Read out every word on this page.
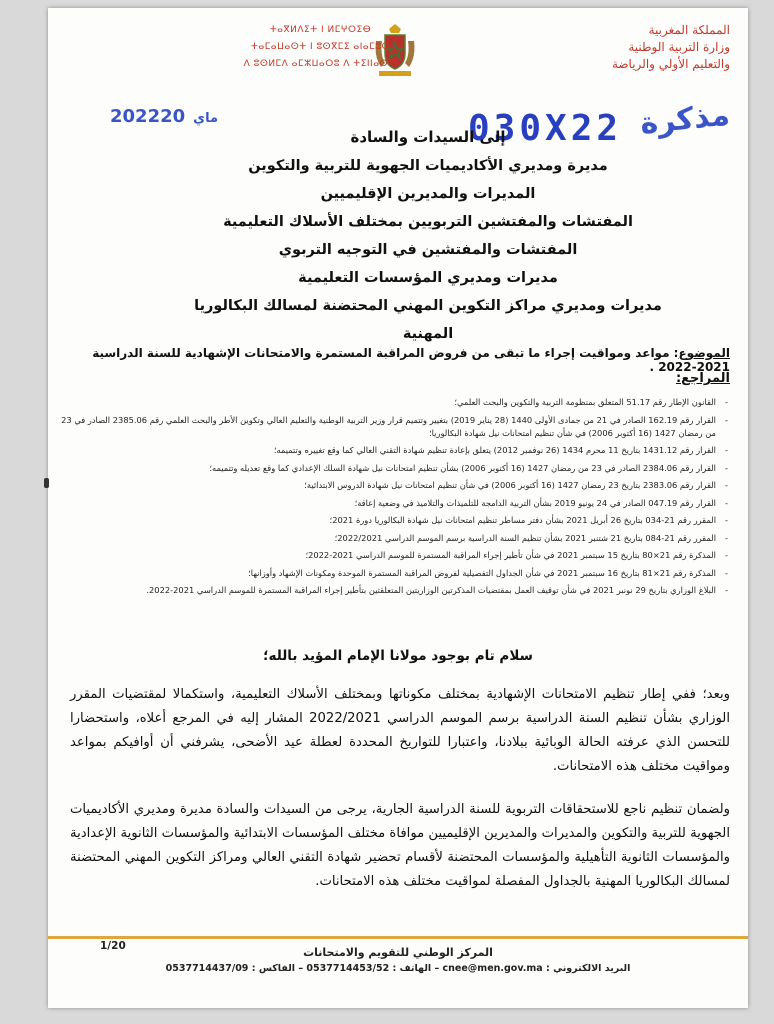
المملكة المغربية
وزارة التربية الوطنية
والتعليم الأولي والرياضة
ⵜⴰⴳⵍⴷⵉⵜ ⵏ ⵍⵎⵖⵔⵉⴱ
ⵜⴰⵎⴰⵡⴰⵙⵜ ⵏ ⵓⵙⴳⵎⵉ ⴰⵏⴰⵎⵓⵔ
ⴷ ⵓⵙⵍⵎⴷ ⴰⵎⵣⵡⴰⵔⵓ ⴷ ⵜⵉⵏⵏⴰⵙⵉⵏ
2022	ماي20	030X22 مذكرة
إلى السيدات والسادة
مديرة ومديري الأكاديميات الجهوية للتربية والتكوين
المديرات والمديرين الإقليميين
المفتشات والمفتشين التربويين بمختلف الأسلاك التعليمية
المفتشات والمفتشين في التوجيه التربوي
مديرات ومديري المؤسسات التعليمية
مديرات ومديري مراكز التكوين المهني المحتضنة لمسالك البكالوريا المهنية
الموضوع: مواعد ومواقيت إجراء ما تبقى من فروض المراقبة المستمرة والامتحانات الإشهادية للسنة الدراسية 2021-2022 .
المراجع:
- القانون الإطار رقم 51.17 المتعلق بمنظومة التربية والتكوين والبحث العلمي؛
- القرار رقم 162.19 الصادر في 21 من جمادى الأولى 1440 (28 يناير 2019) بتغيير وتتميم قرار وزير التربية الوطنية والتعليم العالي وتكوين الأطر والبحث العلمي رقم 2385.06 الصادر في 23 من رمضان 1427 (16 أكتوبر 2006) في شأن تنظيم امتحانات نيل شهادة البكالوريا؛
- القرار رقم 1431.12 بتاريخ 11 محرم 1434 (26 نوفمبر 2012) يتعلق بإعادة تنظيم شهادة التقني العالي كما وقع تغييره وتتميمه؛
- القرار رقم 2384.06 الصادر في 23 من رمضان 1427 (16 أكتوبر 2006) بشأن تنظيم امتحانات نيل شهادة السلك الإعدادي كما وقع تعديله وتتميمه؛
- القرار رقم 2383.06 بتاريخ 23 رمضان 1427 (16 أكتوبر 2006) في شأن تنظيم امتحانات نيل شهادة الدروس الابتدائية؛
- القرار رقم 047.19 الصادر في 24 يونيو 2019 بشأن التربية الدامجة للتلميذات والتلاميذ في وضعية إعاقة؛
- المقرر رقم 21-034 بتاريخ 26 أبريل 2021 بشأن دفتر مساطر تنظيم امتحانات نيل شهادة البكالوريا دورة 2021؛
- المقرر رقم 21-084 بتاريخ 21 شتنبر 2021 بشأن تنظيم السنة الدراسية برسم الموسم الدراسي 2022/2021؛
- المذكرة رقم 21×80 بتاريخ 15 سبتمبر 2021 في شأن تأطير إجراء المراقبة المستمرة للموسم الدراسي 2021-2022؛
- المذكرة رقم 21×81 بتاريخ 16 سبتمبر 2021 في شأن الجداول التفصيلية لفروض المراقبة المستمرة الموحدة ومكونات الإشهاد وأوزانها؛
- البلاغ الوزاري بتاريخ 29 نونبر 2021 في شأن توقيف العمل بمقتضيات المذكرتين الوزاريتين المتعلقتين بتأطير إجراء المراقبة المستمرة للموسم الدراسي 2021-2022.
سلام تام بوجود مولانا الإمام المؤيد بالله؛
وبعد؛ ففي إطار تنظيم الامتحانات الإشهادية بمختلف مكوناتها وبمختلف الأسلاك التعليمية، واستكمالا لمقتضيات المقرر الوزاري بشأن تنظيم السنة الدراسية برسم الموسم الدراسي 2022/2021 المشار إليه في المرجع أعلاه، واستحضارا للتحسن الذي عرفته الحالة الوبائية ببلادنا، واعتبارا للتواريخ المحددة لعطلة عيد الأضحى، يشرفني أن أوافيكم بمواعد ومواقيت مختلف هذه الامتحانات.
ولضمان تنظيم ناجع للاستحقاقات التربوية للسنة الدراسية الجارية، يرجى من السيدات والسادة مديرة ومديري الأكاديميات الجهوية للتربية والتكوين والمديرات والمديرين الإقليميين موافاة مختلف المؤسسات الابتدائية والمؤسسات الثانوية الإعدادية والمؤسسات الثانوية التأهيلية والمؤسسات المحتضنة لأقسام تحضير شهادة التقني العالي ومراكز التكوين المهني المحتضنة لمسالك البكالوريا المهنية بالجداول المفصلة لمواقيت مختلف هذه الامتحانات.
1/20	المركز الوطني للتقويم والامتحانات
البريد الالكتروني : cnee@men.gov.ma – الهاتف : 0537714453/52 – الفاكس : 0537714437/09
